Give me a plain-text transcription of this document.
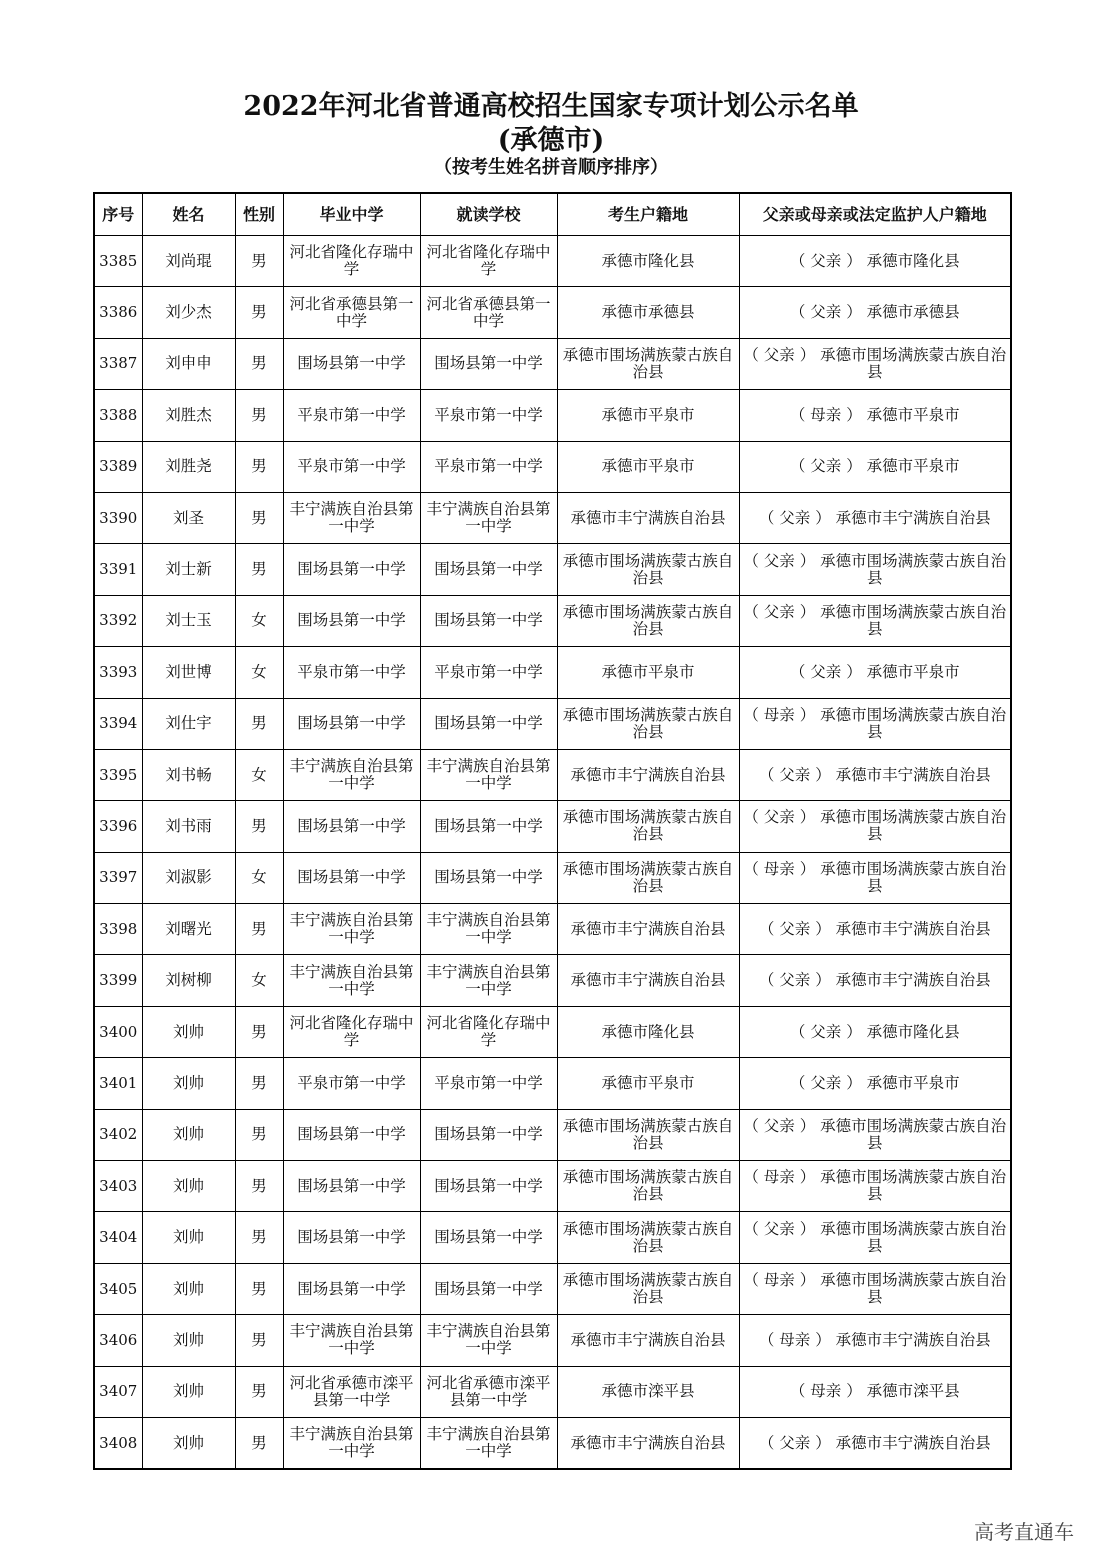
2022年河北省普通高校招生国家专项计划公示名单
(承德市)
（按考生姓名拼音顺序排序）
序号	姓名	性别	毕业中学	就读学校	考生户籍地	父亲或母亲或法定监护人户籍地
3385	刘尚琨	男	河北省隆化存瑞中学	河北省隆化存瑞中学	承德市隆化县	（ 父亲 ） 承德市隆化县
3386	刘少杰	男	河北省承德县第一中学	河北省承德县第一中学	承德市承德县	（ 父亲 ） 承德市承德县
3387	刘申申	男	围场县第一中学	围场县第一中学	承德市围场满族蒙古族自治县	（ 父亲 ） 承德市围场满族蒙古族自治县
3388	刘胜杰	男	平泉市第一中学	平泉市第一中学	承德市平泉市	（ 母亲 ） 承德市平泉市
3389	刘胜尧	男	平泉市第一中学	平泉市第一中学	承德市平泉市	（ 父亲 ） 承德市平泉市
3390	刘圣	男	丰宁满族自治县第一中学	丰宁满族自治县第一中学	承德市丰宁满族自治县	（ 父亲 ） 承德市丰宁满族自治县
3391	刘士新	男	围场县第一中学	围场县第一中学	承德市围场满族蒙古族自治县	（ 父亲 ） 承德市围场满族蒙古族自治县
3392	刘士玉	女	围场县第一中学	围场县第一中学	承德市围场满族蒙古族自治县	（ 父亲 ） 承德市围场满族蒙古族自治县
3393	刘世博	女	平泉市第一中学	平泉市第一中学	承德市平泉市	（ 父亲 ） 承德市平泉市
3394	刘仕宇	男	围场县第一中学	围场县第一中学	承德市围场满族蒙古族自治县	（ 母亲 ） 承德市围场满族蒙古族自治县
3395	刘书畅	女	丰宁满族自治县第一中学	丰宁满族自治县第一中学	承德市丰宁满族自治县	（ 父亲 ） 承德市丰宁满族自治县
3396	刘书雨	男	围场县第一中学	围场县第一中学	承德市围场满族蒙古族自治县	（ 父亲 ） 承德市围场满族蒙古族自治县
3397	刘淑影	女	围场县第一中学	围场县第一中学	承德市围场满族蒙古族自治县	（ 母亲 ） 承德市围场满族蒙古族自治县
3398	刘曙光	男	丰宁满族自治县第一中学	丰宁满族自治县第一中学	承德市丰宁满族自治县	（ 父亲 ） 承德市丰宁满族自治县
3399	刘树柳	女	丰宁满族自治县第一中学	丰宁满族自治县第一中学	承德市丰宁满族自治县	（ 父亲 ） 承德市丰宁满族自治县
3400	刘帅	男	河北省隆化存瑞中学	河北省隆化存瑞中学	承德市隆化县	（ 父亲 ） 承德市隆化县
3401	刘帅	男	平泉市第一中学	平泉市第一中学	承德市平泉市	（ 父亲 ） 承德市平泉市
3402	刘帅	男	围场县第一中学	围场县第一中学	承德市围场满族蒙古族自治县	（ 父亲 ） 承德市围场满族蒙古族自治县
3403	刘帅	男	围场县第一中学	围场县第一中学	承德市围场满族蒙古族自治县	（ 母亲 ） 承德市围场满族蒙古族自治县
3404	刘帅	男	围场县第一中学	围场县第一中学	承德市围场满族蒙古族自治县	（ 父亲 ） 承德市围场满族蒙古族自治县
3405	刘帅	男	围场县第一中学	围场县第一中学	承德市围场满族蒙古族自治县	（ 母亲 ） 承德市围场满族蒙古族自治县
3406	刘帅	男	丰宁满族自治县第一中学	丰宁满族自治县第一中学	承德市丰宁满族自治县	（ 母亲 ） 承德市丰宁满族自治县
3407	刘帅	男	河北省承德市滦平县第一中学	河北省承德市滦平县第一中学	承德市滦平县	（ 母亲 ） 承德市滦平县
3408	刘帅	男	丰宁满族自治县第一中学	丰宁满族自治县第一中学	承德市丰宁满族自治县	（ 父亲 ） 承德市丰宁满族自治县
高考直通车
